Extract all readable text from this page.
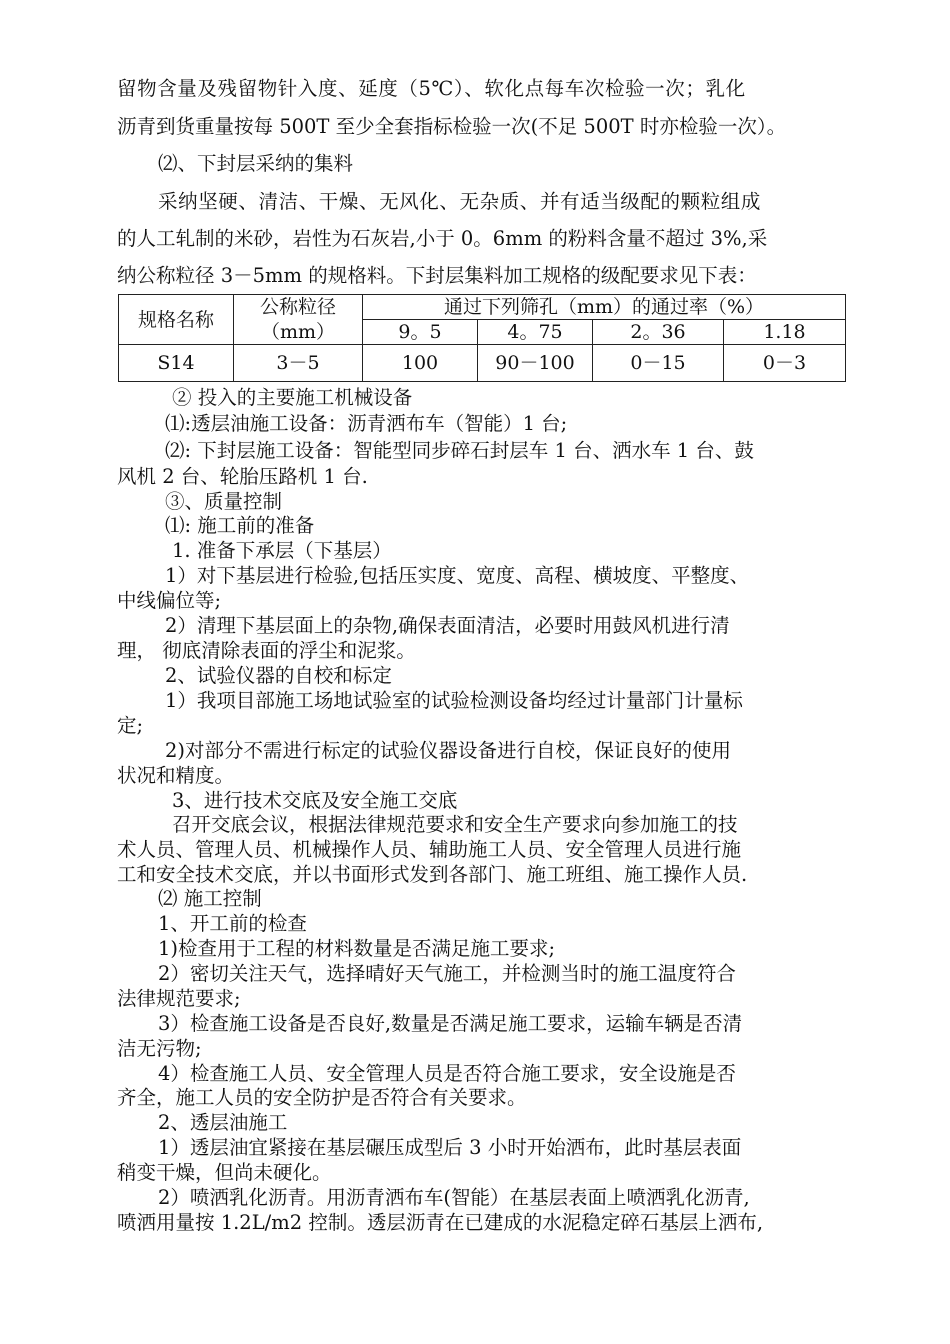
留物含量及残留物针入度、延度（5℃）、软化点每车次检验一次；乳化
沥青到货重量按每 500T 至少全套指标检验一次(不足 500T 时亦检验一次）。
⑵、下封层采纳的集料
采纳坚硬、清洁、干燥、无风化、无杂质、并有适当级配的颗粒组成
的人工轧制的米砂，岩性为石灰岩,小于 0。6mm 的粉料含量不超过 3%,采
纳公称粒径 3－5mm 的规格料。下封层集料加工规格的级配要求见下表：
规格名称	公称粒径	通过下列筛孔（mm）的通过率（%）			
	（mm）	9。5	4。75	2。36	1.18
S14	3－5	100	90－100	0－15	0－3
② 投入的主要施工机械设备
⑴:透层油施工设备：沥青洒布车（智能）1 台;
⑵: 下封层施工设备：智能型同步碎石封层车 1 台、洒水车 1 台、鼓
风机 2 台、轮胎压路机 1 台.
③、质量控制
⑴: 施工前的准备
1. 准备下承层（下基层）
1）对下基层进行检验,包括压实度、宽度、高程、横坡度、平整度、
中线偏位等;
2）清理下基层面上的杂物,确保表面清洁，必要时用鼓风机进行清
理， 彻底清除表面的浮尘和泥浆。
2、试验仪器的自校和标定
1）我项目部施工场地试验室的试验检测设备均经过计量部门计量标
定;
2)对部分不需进行标定的试验仪器设备进行自校，保证良好的使用
状况和精度。
3、进行技术交底及安全施工交底
召开交底会议，根据法律规范要求和安全生产要求向参加施工的技
术人员、管理人员、机械操作人员、辅助施工人员、安全管理人员进行施
工和安全技术交底，并以书面形式发到各部门、施工班组、施工操作人员.
⑵ 施工控制
1、开工前的检查
1)检查用于工程的材料数量是否满足施工要求;
2）密切关注天气，选择晴好天气施工，并检测当时的施工温度符合
法律规范要求;
3）检查施工设备是否良好,数量是否满足施工要求，运输车辆是否清
洁无污物;
4）检查施工人员、安全管理人员是否符合施工要求，安全设施是否
齐全，施工人员的安全防护是否符合有关要求。
2、透层油施工
1）透层油宜紧接在基层碾压成型后 3 小时开始洒布，此时基层表面
稍变干燥，但尚未硬化。
2）喷洒乳化沥青。用沥青洒布车(智能）在基层表面上喷洒乳化沥青,
喷洒用量按 1.2L/m2 控制。透层沥青在已建成的水泥稳定碎石基层上洒布,
